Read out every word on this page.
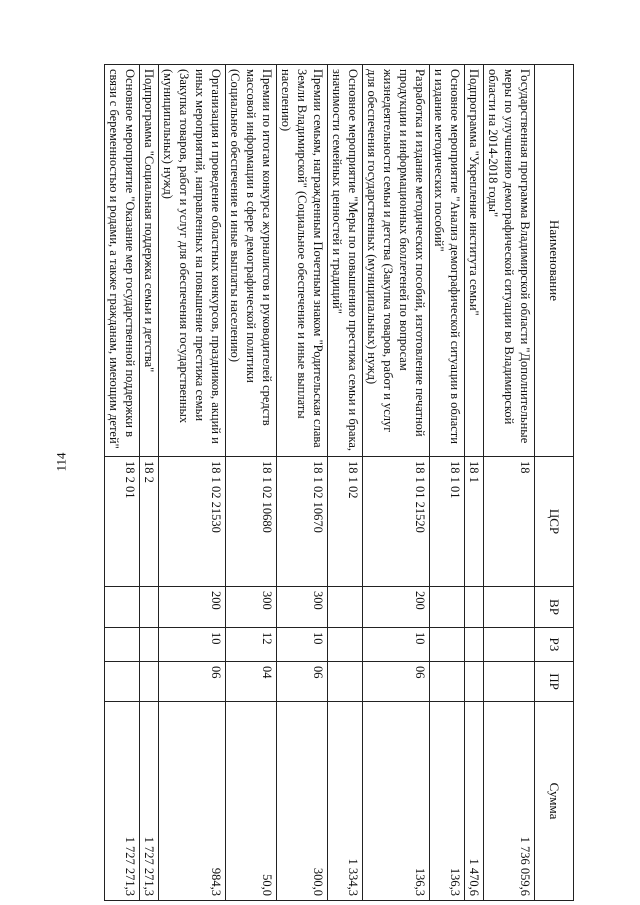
114
Наименование	ЦСР	ВР	РЗ	ПР	Сумма
Государственная программа Владимирской области "Дополнительные меры по улучшению демографической ситуации во Владимирской области на 2014-2018 годы"	18				1 736 059,6
Подпрограмма "Укрепление института семьи"	18 1				1 470,6
Основное мероприятие "Анализ демографической ситуации в области и издание методических пособий"	18 1 01				136,3
Разработка и издание методических пособий, изготовление печатной продукции и информационных бюллетеней по вопросам жизнедеятельности семьи и детства (Закупка товаров, работ и услуг для обеспечения государственных (муниципальных) нужд)	18 1 01 21520	200	10	06	136,3
Основное мероприятие "Меры по повышению престижа семьи и брака, значимости семейных ценностей и традиций"	18 1 02				1 334,3
Премии семьям, награжденным Почетным знаком "Родительская слава Земли Владимирской" (Социальное обеспечение и иные выплаты населению)	18 1 02 10670	300	10	06	300,0
Премии по итогам конкурса журналистов и руководителей средств массовой информации в сфере демографической политики (Социальное обеспечение и иные выплаты населению)	18 1 02 10680	300	12	04	50,0
Организация и проведение областных конкурсов, праздников, акций и иных мероприятий, направленных на повышение престижа семьи (Закупка товаров, работ и услуг для обеспечения государственных (муниципальных) нужд)	18 1 02 21530	200	10	06	984,3
Подпрограмма "Социальная поддержка семьи и детства"	18 2				1 727 271,3
Основное мероприятие "Оказание мер государственной поддержки в связи с беременностью и родами, а также гражданам, имеющим детей"	18 2 01				1 727 271,3
